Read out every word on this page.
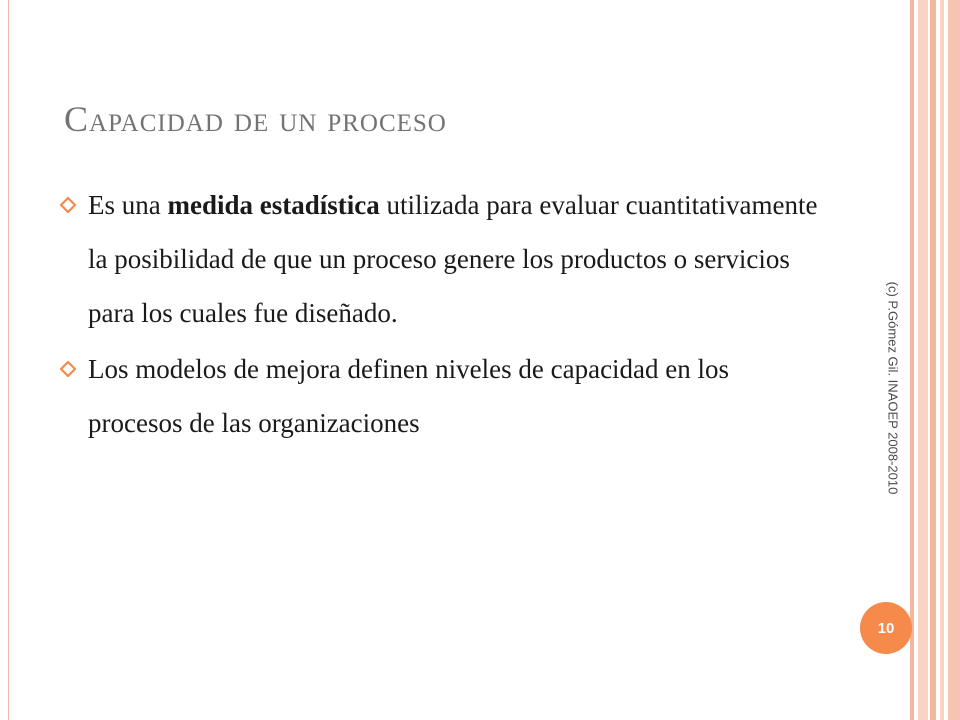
Capacidad de un proceso
Es una medida estadística utilizada para evaluar cuantitativamente la posibilidad de que un proceso genere los productos o servicios para los cuales fue diseñado.
Los modelos de mejora definen niveles de capacidad en los procesos de las organizaciones	(c) P.Gómez Gil. INAOEP 2008-2010
10
